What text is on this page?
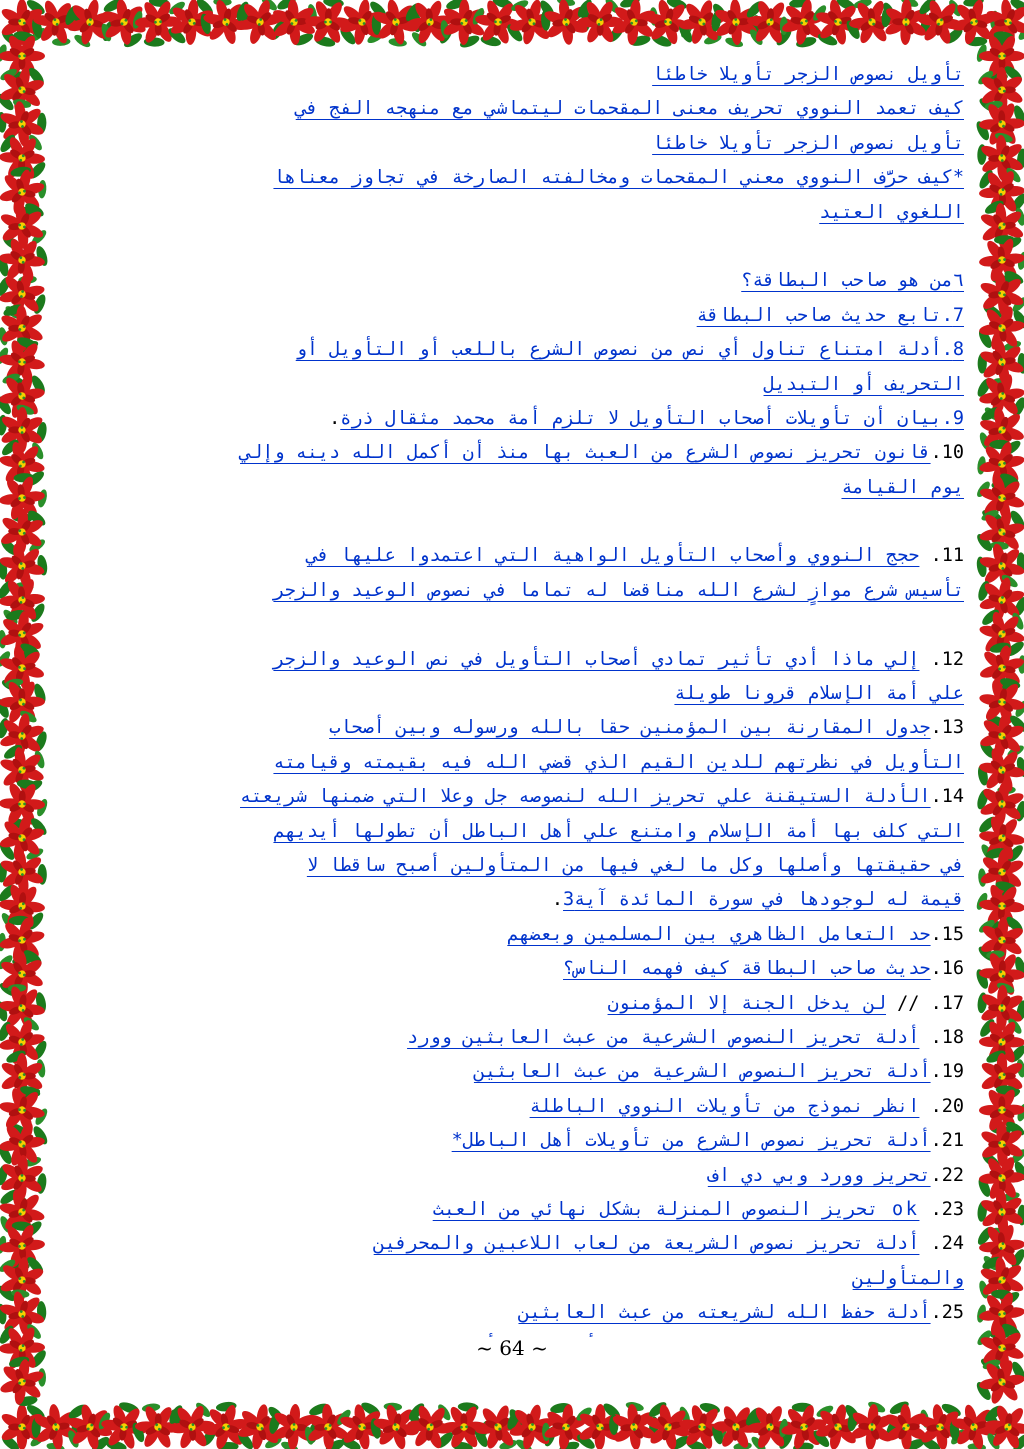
تأويل نصوص الزجر تأويلا خاطئا
كيف تعمد النووي تحريف معنى المقحمات ليتماشي مع منهجه الفج في
تأويل نصوص الزجر تأويلا خاطئا
*كيف حرَّف النووي معني المقحمات ومخالفته الصارخة في تجاوز معناها
اللغوي العتيد
٦من هو صاحب البطاقة؟
7.تابع حديث صاحب البطاقة
8.أدلة امتناع تناول أي نص من نصوص الشرع باللعب أو التأويل أو
التحريف أو التبديل
9.بيان أن تأويلات أصحاب التأويل لا تلزم أمة محمد مثقال ذرة.
10.قانون تحريز نصوص الشرع من العبث بها منذ أن أكمل الله دينه وإلي
يوم القيامة
11. حجج النووي وأصحاب التأويل الواهية التي اعتمدوا عليها في
تأسيس شرع موازٍ لشرع الله مناقضا له تماما في نصوص الوعيد والزجر
12. إلي ماذا أدي تأثير تمادي أصحاب التأويل في نص الوعيد والزجر
علي أمة الإسلام قرونا طويلة
13.جدول المقارنة بين المؤمنين حقا بالله ورسوله وبين أصحاب
التأويل في نظرتهم للدين القيم الذي قضي الله فيه بقيمته وقيامته
14.الأدلة الستيقنة علي تحريز الله لنصوصه جل وعلا التي ضمنها شريعته
التي كلف بها أمة الإسلام وامتنع علي أهل الباطل أن تطولها أيديهم
في حقيقتها وأصلها وكل ما لغي فيها من المتأولين أصبح ساقطا لا
قيمة له لوجودها في سورة المائدة آية3.
15.حد التعامل الظاهري بين المسلمين وبعضهم
16.حديث صاحب البطاقة كيف فهمه الناس؟
17. // لن يدخل الجنة إلا المؤمنون
18. أدلة تحريز النصوص الشرعية من عبث العابثين وورد
19.أدلة تحريز النصوص الشرعية من عبث العابثين
20. انظر نموذج من تأويلات النووي الباطلة
21.أدلة تحريز نصوص الشرع من تأويلات أهل الباطل*
22.تحريز وورد وبي دي اف
23. ok تحريز النصوص المنزلة بشكل نهائي من العبث
24. أدلة تحريز نصوص الشريعة من لعاب اللاعبين والمحرفين
والمتأولين
25.أدلة حفظ الله لشريعته من عبث العابثين
~ 64 ~
